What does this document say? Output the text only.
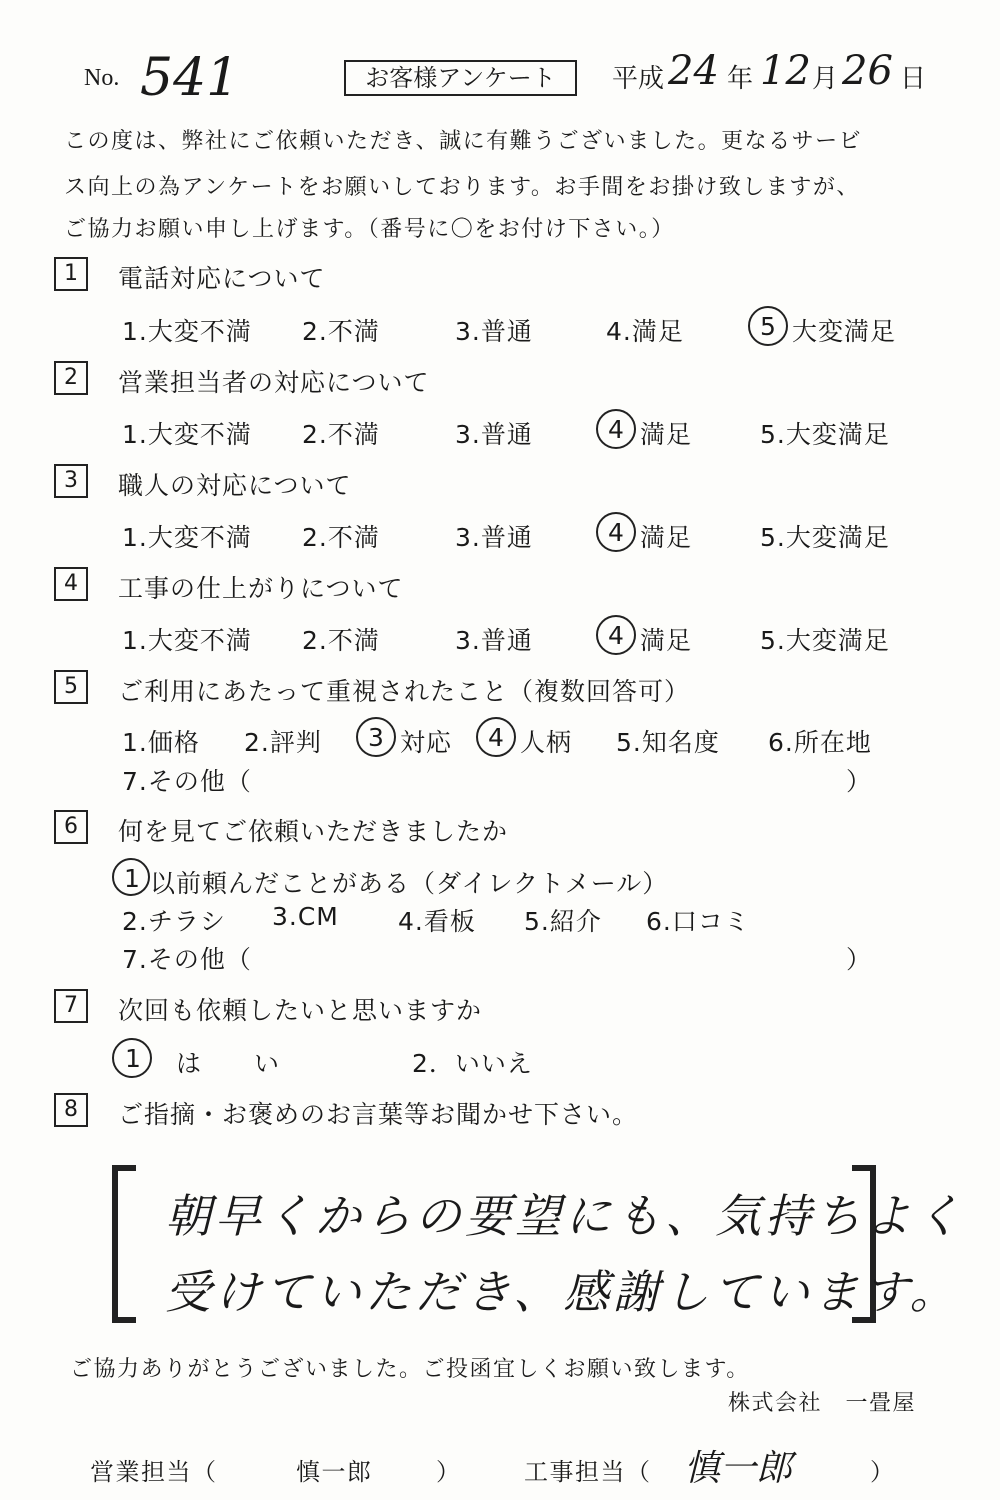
No. 541	お客様アンケート	平成 24 年 12 月 26 日
この度は、弊社にご依頼いただき、誠に有難うございました。更なるサービ
ス向上の為アンケートをお願いしております。お手間をお掛け致しますが、
ご協力お願い申し上げます。（番号に〇をお付け下さい。）
1	電話対応について
1.大変不満 2.不満	3.普通	4.満足	5 大変満足
2	営業担当者の対応について
1.大変不満 2.不満	3.普通	4 満足	5.大変満足
3	職人の対応について
1.大変不満 2.不満	3.普通	4 満足	5.大変満足
4	工事の仕上がりについて
1.大変不満 2.不満	3.普通	4 満足	5.大変満足
5	ご利用にあたって重視されたこと（複数回答可）
1.価格 2.評判 3 対応 4 人柄 5.知名度 6.所在地
7.その他（	）
6	何を見てご依頼いただきましたか
1 以前頼んだことがある（ダイレクトメール）
2.チラシ 3.CM 4.看板 5.紹介 6.口コミ
7.その他（	）
7	次回も依頼したいと思いますか
1 は　　い	2．いいえ
8	ご指摘・お褒めのお言葉等お聞かせ下さい。
朝早くからの要望にも、気持ちよく
受けていただき、感謝しています。
ご協力ありがとうございました。ご投函宜しくお願い致します。
株式会社　一畳屋
営業担当（	慎一郎	）	工事担当（ 慎一郎	）
